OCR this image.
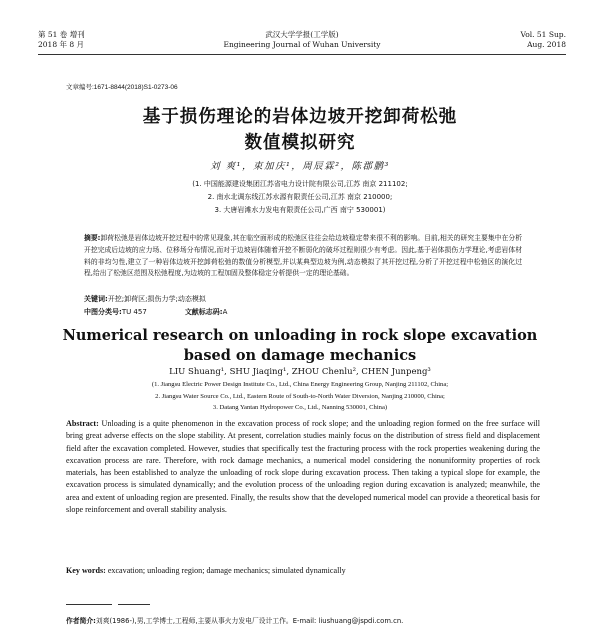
第 51 卷 增刊
2018 年 8 月
武汉大学学报(工学版)
Engineering Journal of Wuhan University
Vol. 51 Sup.
Aug. 2018
文章编号:1671-8844(2018)S1-0273-06
基于损伤理论的岩体边坡开挖卸荷松弛
数值模拟研究
刘 爽¹，束加庆¹，周辰霖²，陈郡鹏³
(1. 中国能源建设集团江苏省电力设计院有限公司,江苏 南京 211102;
2. 南水北调东线江苏水源有限责任公司,江苏 南京 210000;
3. 大唐岩滩水力发电有限责任公司,广西 南宁 530001)
摘要:卸荷松弛是岩体边坡开挖过程中的常见现象,其在临空面形成的松弛区往往会给边坡稳定带来很不利的影响。目前,相关的研究主要集中在分析开挖完成后边坡的应力场、位移场分布情况,而对于边坡岩体随着开挖不断弱化的破坏过程则很少有考虑。因此,基于岩体损伤力学理论,考虑岩体材料的非均匀性,建立了一种岩体边坡开挖卸荷松弛的数值分析模型,并以某典型边坡为例,动态模拟了其开挖过程,分析了开挖过程中松弛区的演化过程,给出了松弛区范围及松弛程度,为边坡的工程加固及整体稳定分析提供一定的理论基础。
关键词:开挖;卸荷区;损伤力学;动态模拟
中图分类号:TU 457	文献标志码:A
Numerical research on unloading in rock slope excavation
based on damage mechanics
LIU Shuang¹, SHU Jiaqing¹, ZHOU Chenlu², CHEN Junpeng³
(1. Jiangsu Electric Power Design Institute Co., Ltd., China Energy Engineering Group, Nanjing 211102, China;
2. Jiangsu Water Source Co., Ltd., Eastern Route of South-to-North Water Diversion, Nanjing 210000, China;
3. Datang Yantan Hydropower Co., Ltd., Nanning 530001, China)
Abstract: Unloading is a quite phenomenon in the excavation process of rock slope; and the unloading region formed on the free surface will bring great adverse effects on the slope stability. At present, correlation studies mainly focus on the distribution of stress field and displacement field after the excavation completed. However, studies that specifically test the fracturing process with the rock properties weakening during the excavation process are rare. Therefore, with rock damage mechanics, a numerical model considering the nonuniformity properties of rock materials, has been established to analyze the unloading of rock slope during excavation process. Then taking a typical slope for example, the excavation process is simulated dynamically; and the evolution process of the unloading region during excavation is analyzed; meanwhile, the area and extent of unloading region are presented. Finally, the results show that the developed numerical model can provide a theoretical basis for slope reinforcement and overall stability analysis.
Key words: excavation; unloading region; damage mechanics; simulated dynamically
作者简介:刘爽(1986-),男,工学博士,工程师,主要从事火力发电厂设计工作。E-mail: liushuang@jspdi.com.cn.
